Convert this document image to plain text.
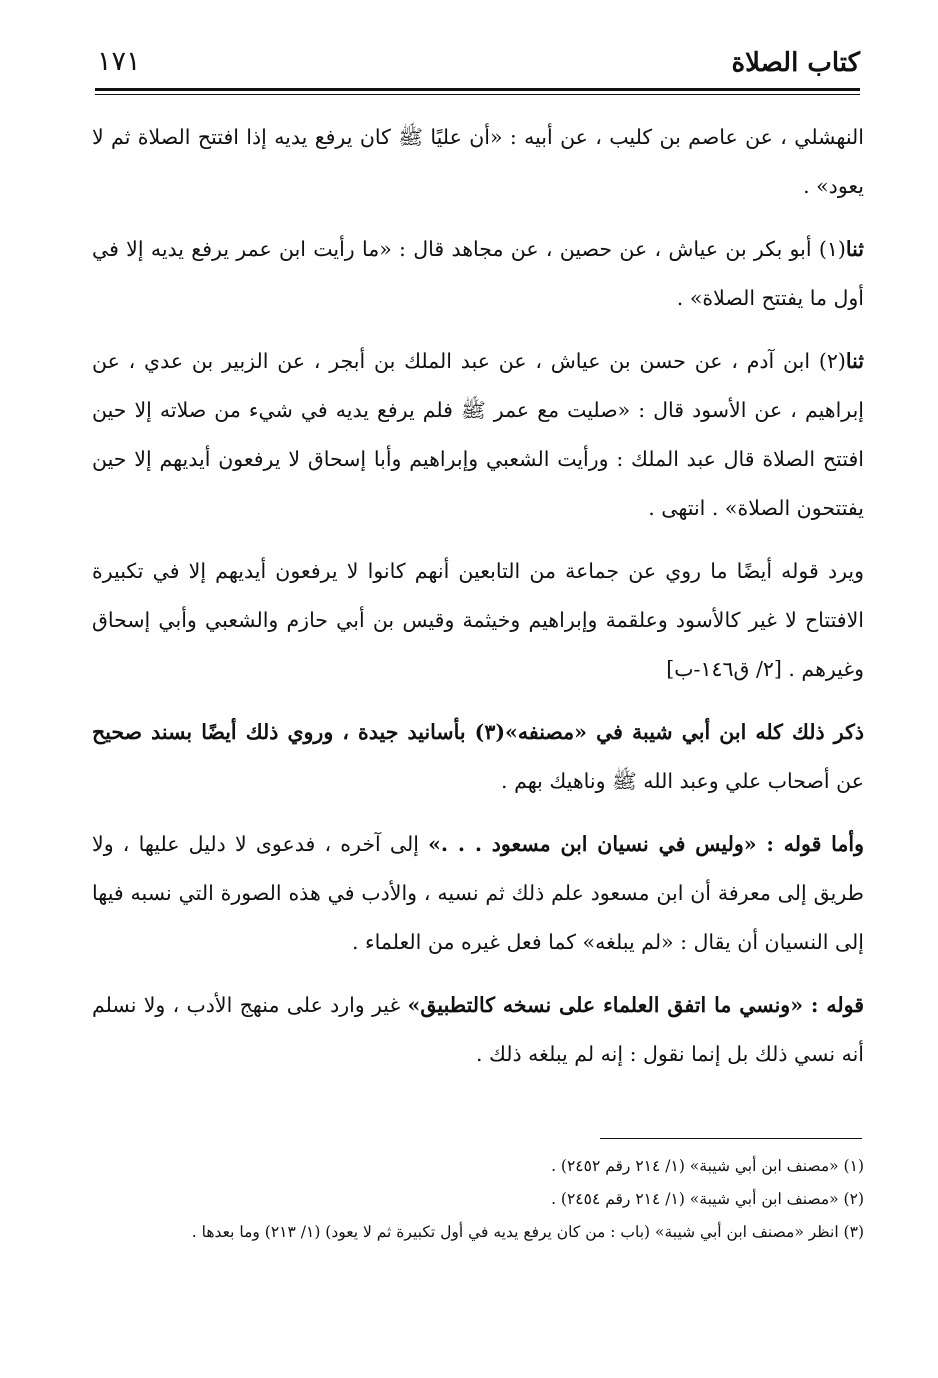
كتاب الصلاة
١٧١

النهشلي ، عن عاصم بن كليب ، عن أبيه : «أن عليًا ﷺ كان يرفع يديه إذا افتتح الصلاة ثم لا يعود» .

ثنا(١) أبو بكر بن عياش ، عن حصين ، عن مجاهد قال : «ما رأيت ابن عمر يرفع يديه إلا في أول ما يفتتح الصلاة» .

ثنا(٢) ابن آدم ، عن حسن بن عياش ، عن عبد الملك بن أبجر ، عن الزبير بن عدي ، عن إبراهيم ، عن الأسود قال : «صليت مع عمر ﷺ فلم يرفع يديه في شيء من صلاته إلا حين افتتح الصلاة قال عبد الملك : ورأيت الشعبي وإبراهيم وأبا إسحاق لا يرفعون أيديهم إلا حين يفتتحون الصلاة» . انتهى .

ويرد قوله أيضًا ما روي عن جماعة من التابعين أنهم كانوا لا يرفعون أيديهم إلا في تكبيرة الافتتاح لا غير كالأسود وعلقمة وإبراهيم وخيثمة وقيس بن أبي حازم والشعبي وأبي إسحاق وغيرهم . [٢/ ق١٤٦-ب]

ذكر ذلك كله ابن أبي شيبة في «مصنفه»(٣) بأسانيد جيدة ، وروي ذلك أيضًا بسند صحيح عن أصحاب علي وعبد الله ﷺ وناهيك بهم .

وأما قوله : «وليس في نسيان ابن مسعود . . .» إلى آخره ، فدعوى لا دليل عليها ، ولا طريق إلى معرفة أن ابن مسعود علم ذلك ثم نسيه ، والأدب في هذه الصورة التي نسبه فيها إلى النسيان أن يقال : «لم يبلغه» كما فعل غيره من العلماء .

قوله : «ونسي ما اتفق العلماء على نسخه كالتطبيق» غير وارد على منهج الأدب ، ولا نسلم أنه نسي ذلك بل إنما نقول : إنه لم يبلغه ذلك .

(١) «مصنف ابن أبي شيبة» (١/ ٢١٤ رقم ٢٤٥٢) .

(٢) «مصنف ابن أبي شيبة» (١/ ٢١٤ رقم ٢٤٥٤) .

(٣) انظر «مصنف ابن أبي شيبة» (باب : من كان يرفع يديه في أول تكبيرة ثم لا يعود) (١/ ٢١٣) وما بعدها .
